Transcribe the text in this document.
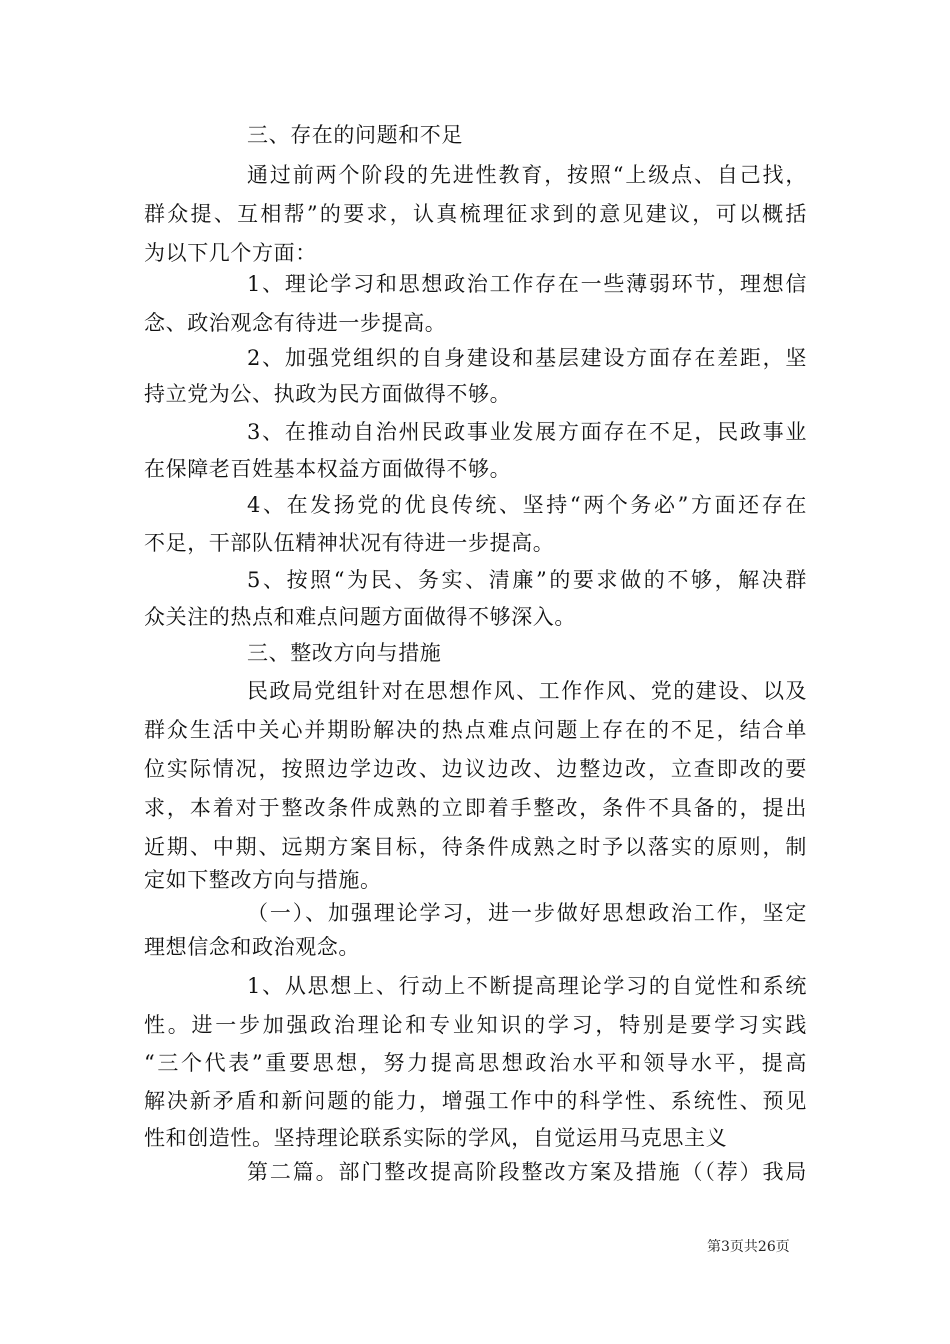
三、存在的问题和不足
通过前两个阶段的先进性教育，按照“上级点、自己找，
群众提、互相帮”的要求，认真梳理征求到的意见建议，可以概括
为以下几个方面：
1、理论学习和思想政治工作存在一些薄弱环节，理想信
念、政治观念有待进一步提高。
2、加强党组织的自身建设和基层建设方面存在差距，坚
持立党为公、执政为民方面做得不够。
3、在推动自治州民政事业发展方面存在不足，民政事业
在保障老百姓基本权益方面做得不够。
4、在发扬党的优良传统、坚持“两个务必”方面还存在
不足，干部队伍精神状况有待进一步提高。
5、按照“为民、务实、清廉”的要求做的不够，解决群
众关注的热点和难点问题方面做得不够深入。
三、整改方向与措施
民政局党组针对在思想作风、工作作风、党的建设、以及
群众生活中关心并期盼解决的热点难点问题上存在的不足，结合单
位实际情况，按照边学边改、边议边改、边整边改，立查即改的要
求，本着对于整改条件成熟的立即着手整改，条件不具备的，提出
近期、中期、远期方案目标，待条件成熟之时予以落实的原则，制
定如下整改方向与措施。
（一）、加强理论学习，进一步做好思想政治工作，坚定
理想信念和政治观念。
1、从思想上、行动上不断提高理论学习的自觉性和系统
性。进一步加强政治理论和专业知识的学习，特别是要学习实践
“三个代表”重要思想，努力提高思想政治水平和领导水平，提高
解决新矛盾和新问题的能力，增强工作中的科学性、系统性、预见
性和创造性。坚持理论联系实际的学风，自觉运用马克思主义
第二篇。部门整改提高阶段整改方案及措施（（荐）我局
第3页共26页
